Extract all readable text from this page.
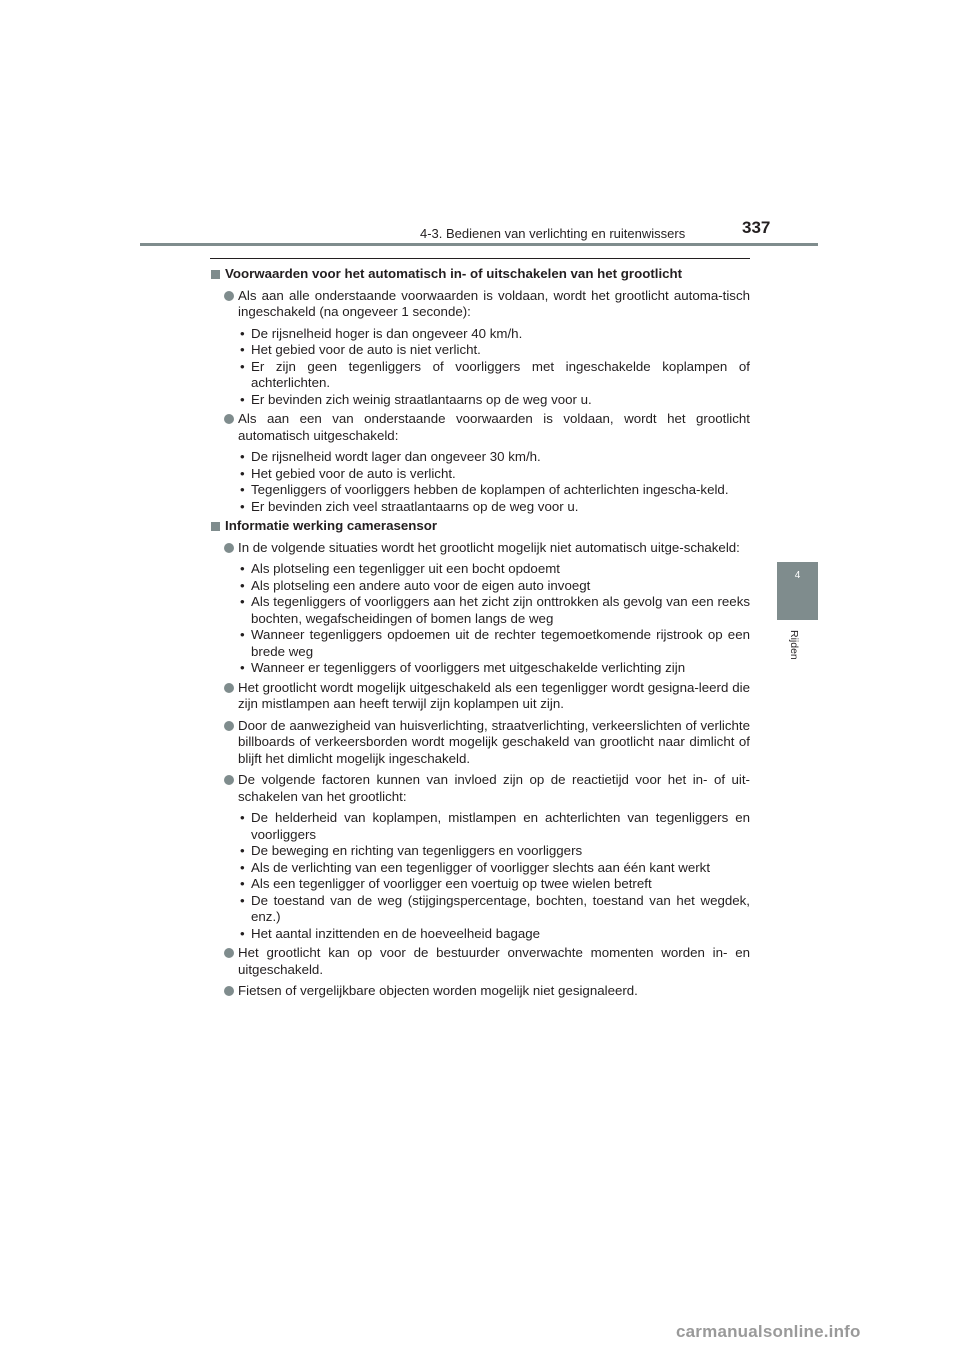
4-3. Bedienen van verlichting en ruitenwissers	337
4
Rijden
Voorwaarden voor het automatisch in- of uitschakelen van het grootlicht
Als aan alle onderstaande voorwaarden is voldaan, wordt het grootlicht automa-tisch ingeschakeld (na ongeveer 1 seconde):
• De rijsnelheid hoger is dan ongeveer 40 km/h.
• Het gebied voor de auto is niet verlicht.
• Er zijn geen tegenliggers of voorliggers met ingeschakelde koplampen of achterlichten.
• Er bevinden zich weinig straatlantaarns op de weg voor u.
Als aan een van onderstaande voorwaarden is voldaan, wordt het grootlicht automatisch uitgeschakeld:
• De rijsnelheid wordt lager dan ongeveer 30 km/h.
• Het gebied voor de auto is verlicht.
• Tegenliggers of voorliggers hebben de koplampen of achterlichten ingescha-keld.
• Er bevinden zich veel straatlantaarns op de weg voor u.
Informatie werking camerasensor
In de volgende situaties wordt het grootlicht mogelijk niet automatisch uitge-schakeld:
• Als plotseling een tegenligger uit een bocht opdoemt
• Als plotseling een andere auto voor de eigen auto invoegt
• Als tegenliggers of voorliggers aan het zicht zijn onttrokken als gevolg van een reeks bochten, wegafscheidingen of bomen langs de weg
• Wanneer tegenliggers opdoemen uit de rechter tegemoetkomende rijstrook op een brede weg
• Wanneer er tegenliggers of voorliggers met uitgeschakelde verlichting zijn
Het grootlicht wordt mogelijk uitgeschakeld als een tegenligger wordt gesigna-leerd die zijn mistlampen aan heeft terwijl zijn koplampen uit zijn.
Door de aanwezigheid van huisverlichting, straatverlichting, verkeerslichten of verlichte billboards of verkeersborden wordt mogelijk geschakeld van grootlicht naar dimlicht of blijft het dimlicht mogelijk ingeschakeld.
De volgende factoren kunnen van invloed zijn op de reactietijd voor het in- of uit-schakelen van het grootlicht:
• De helderheid van koplampen, mistlampen en achterlichten van tegenliggers en voorliggers
• De beweging en richting van tegenliggers en voorliggers
• Als de verlichting van een tegenligger of voorligger slechts aan één kant werkt
• Als een tegenligger of voorligger een voertuig op twee wielen betreft
• De toestand van de weg (stijgingspercentage, bochten, toestand van het wegdek, enz.)
• Het aantal inzittenden en de hoeveelheid bagage
Het grootlicht kan op voor de bestuurder onverwachte momenten worden in- en uitgeschakeld.
Fietsen of vergelijkbare objecten worden mogelijk niet gesignaleerd.
carmanualsonline.info
